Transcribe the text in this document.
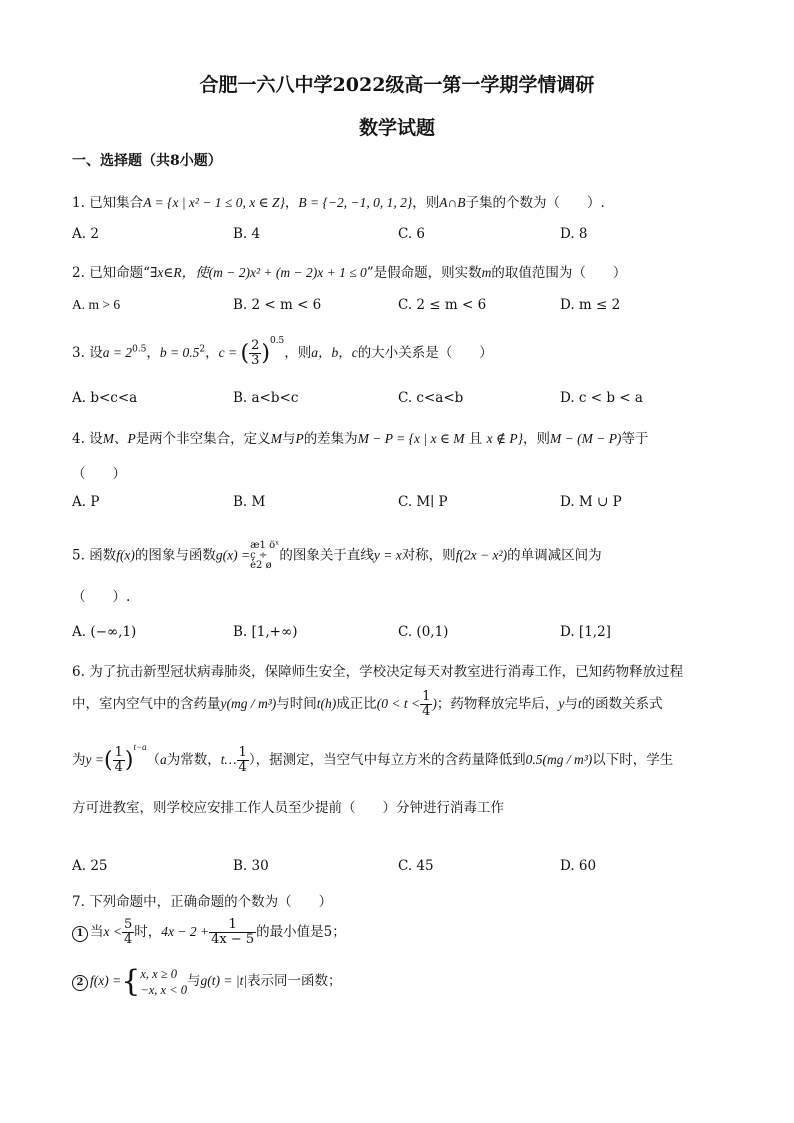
合肥一六八中学2022级高一第一学期学情调研
数学试题
一、选择题（共8小题）
1. 已知集合A = {x | x² − 1 ≤ 0, x ∈ Z}，B = {−2, −1, 0, 1, 2}，则A∩B子集的个数为（　　）.
A. 2	B. 4	C. 6	D. 8
2. 已知命题“∃x∈R，使(m − 2)x² + (m − 2)x + 1 ≤ 0”是假命题，则实数m的取值范围为（　　）
A. m > 6	B. 2 < m < 6	C. 2 ≤ m < 6	D. m ≤ 2
3. 设$a = 2^{0.5}$，$b = 0.5^2$，c = ( $\frac{2}{3} )^{0.5}$，则a，b，c的大小关系是（　　）
A. b<c<a	B. a<b<c	C. c<a<b	D. c < b < a
4. 设M、P是两个非空集合，定义M与P的差集为M − P = {x | x ∈ M 且 x ∉ P}，则M − (M − P)等于
（　　）
A. P	B. M	C. M∣ P	D. M ∪ P
5. 函数f(x)的图象与函数g(x) =
æ1 öˣ
ç ÷
è2 ø
的图象关于直线y = x对称，则f(2x − x²)的单调减区间为
（　　）.
A. (−∞,1)	B. [1,+∞)	C. (0,1)	D. [1,2]
6. 为了抗击新型冠状病毒肺炎，保障师生安全，学校决定每天对教室进行消毒工作，已知药物释放过程
中，室内空气中的含药量y(mg / m³)与时间t(h)成正比($0 < t < \frac{1}{4}$ )；药物释放完毕后，y与t的函数关系式
为y =( $\frac{1}{4} )^{t-a}(a$为常数，t… $\frac{1}{4}$ ），据测定，当空气中每立方米的含药量降低到0.5(mg / m³)以下时，学生
方可进教室，则学校应安排工作人员至少提前（　　）分钟进行消毒工作
A. 25	B. 30	C. 45	D. 60
7. 下列命题中，正确命题的个数为（　　）
1 当$x < \frac{5}{4}$ 时，$4x - 2 + \frac{1}{4x - 5}$ 的最小值是5；
2 f(x) ={ x, x ≥ 0
−x, x < 0
与g(t) = |t|表示同一函数；
